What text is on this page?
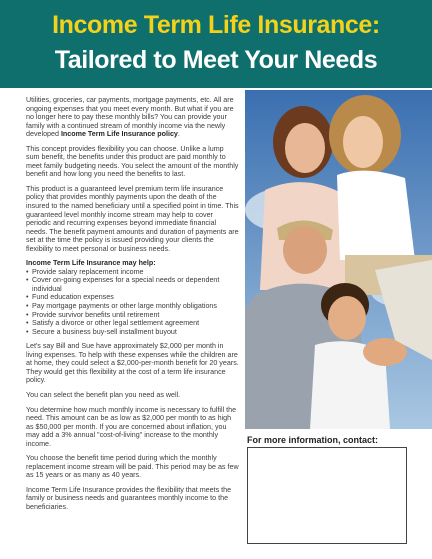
Income Term Life Insurance:
Tailored to Meet Your Needs

Utilities, groceries, car payments, mortgage payments, etc. All are ongoing expenses that you meet every month. But what if you are no longer here to pay these monthly bills? You can provide your family with a continued stream of monthly income via the newly developed Income Term Life Insurance policy.

This concept provides flexibility you can choose. Unlike a lump sum benefit, the benefits under this product are paid monthly to meet family budgeting needs. You select the amount of the monthly benefit and how long you need the benefits to last.

This product is a guaranteed level premium term life insurance policy that provides monthly payments upon the death of the insured to the named beneficiary until a specified point in time. This guaranteed level monthly income stream may help to cover periodic and recurring expenses beyond immediate financial needs. The benefit payment amounts and duration of payments are set at the time the policy is issued providing your clients the flexibility to meet personal or business needs.

Income Term Life Insurance may help:

• Provide salary replacement income
• Cover on-going expenses for a special needs or dependent individual
• Fund education expenses
• Pay mortgage payments or other large monthly obligations
• Provide survivor benefits until retirement
• Satisfy a divorce or other legal settlement agreement
• Secure a business buy-sell installment buyout

Let's say Bill and Sue have approximately $2,000 per month in living expenses. To help with these expenses while the children are at home, they could select a $2,000-per-month benefit for 20 years. They would get this flexibility at the cost of a term life insurance policy.

You can select the benefit plan you need as well.

You determine how much monthly income is necessary to fulfill the need. This amount can be as low as $2,000 per month to as high as $50,000 per month. If you are concerned about inflation, you may add a 3% annual "cost-of-living" increase to the monthly income.

You choose the benefit time period during which the monthly replacement income stream will be paid. This period may be as few as 15 years or as many as 40 years.

Income Term Life Insurance provides the flexibility that meets the family or business needs and guarantees monthly income to the beneficiaries.

For more information, contact:
